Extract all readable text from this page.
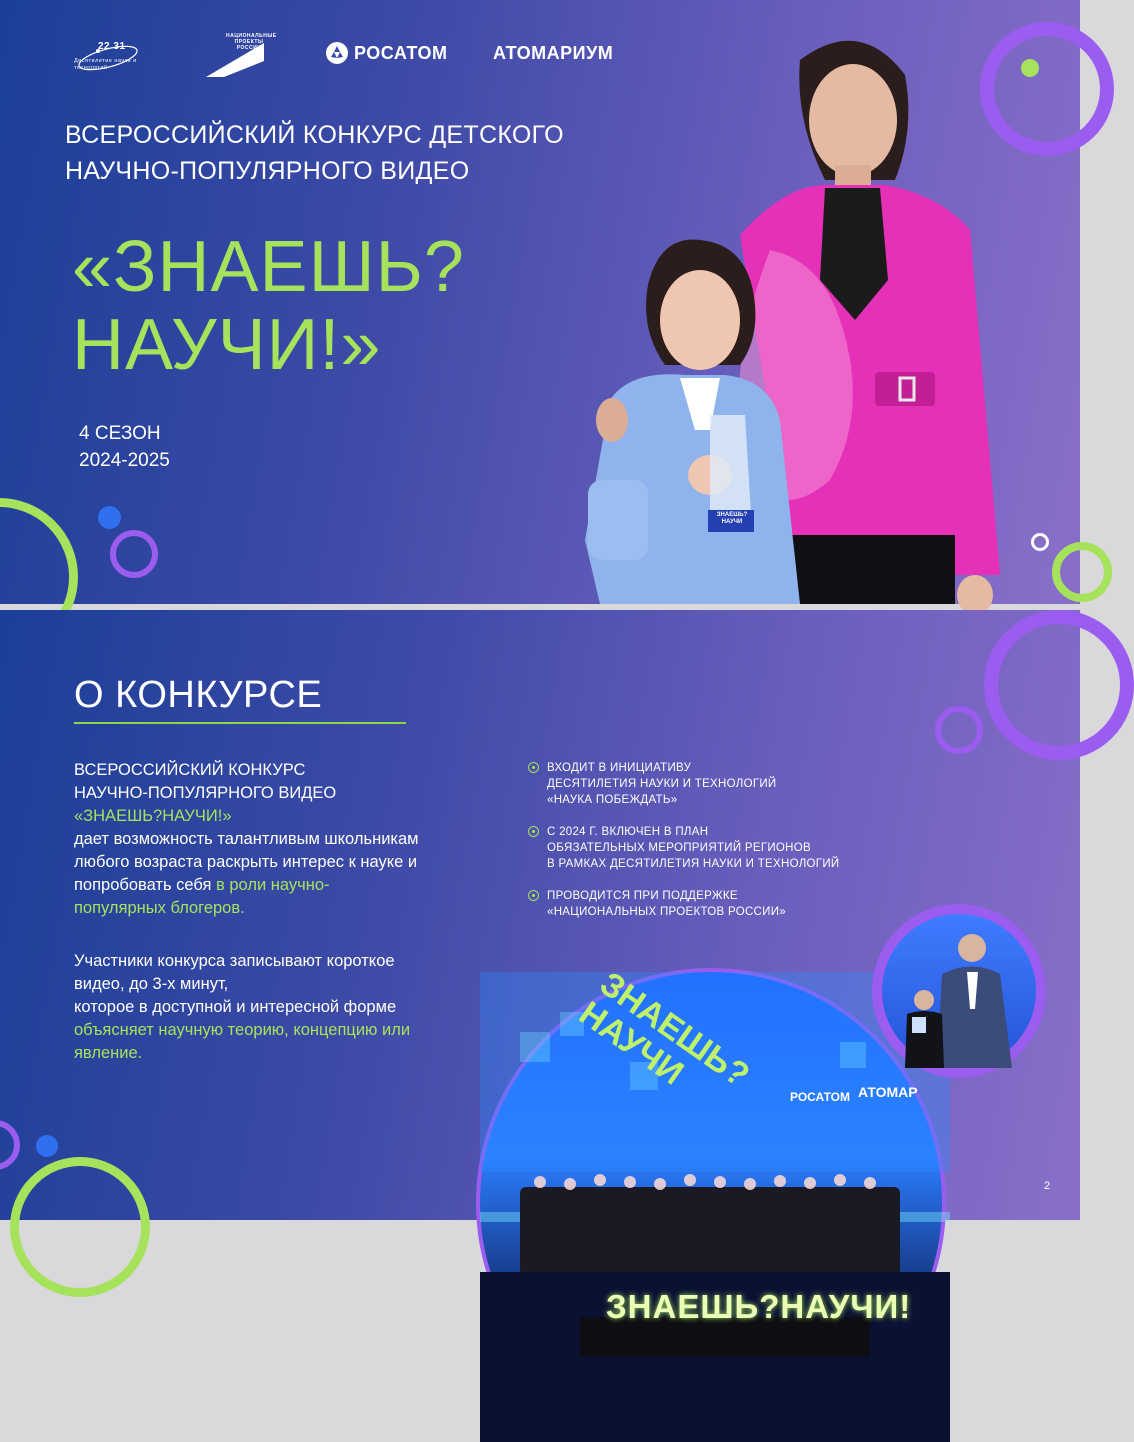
22 31
Десятилетие науки и технологий
НАЦИОНАЛЬНЫЕ ПРОЕКТЫ РОССИИ	РОСАТОМ	АТОМАРИУМ
ВСЕРОССИЙСКИЙ КОНКУРС ДЕТСКОГО
НАУЧНО-ПОПУЛЯРНОГО ВИДЕО
«ЗНАЕШЬ?
НАУЧИ!»
4 СЕЗОН
2024-2025
ЗНАЕШЬ? НАУЧИ
О КОНКУРСЕ
ВСЕРОССИЙСКИЙ КОНКУРС
НАУЧНО-ПОПУЛЯРНОГО ВИДЕО
«ЗНАЕШЬ?НАУЧИ!»
дает возможность талантливым школьникам
любого возраста раскрыть интерес к науке и
попробовать себя в роли научно-
популярных блогеров.
Участники конкурса записывают короткое
видео, до 3-х минут,
которое в доступной и интересной форме
объясняет научную теорию, концепцию или
явление.
ВХОДИТ В ИНИЦИАТИВУ
ДЕСЯТИЛЕТИЯ НАУКИ И ТЕХНОЛОГИЙ
«НАУКА ПОБЕЖДАТЬ»
С 2024 Г. ВКЛЮЧЕН В ПЛАН
ОБЯЗАТЕЛЬНЫХ МЕРОПРИЯТИЙ РЕГИОНОВ
В РАМКАХ ДЕСЯТИЛЕТИЯ НАУКИ И ТЕХНОЛОГИЙ
ПРОВОДИТСЯ ПРИ ПОДДЕРЖКЕ
«НАЦИОНАЛЬНЫХ ПРОЕКТОВ РОССИИ»
ЗНАЕШЬ? НАУЧИ
РОСАТОМ АТОМАР
ЗНАЕШЬ?НАУЧИ!
2
